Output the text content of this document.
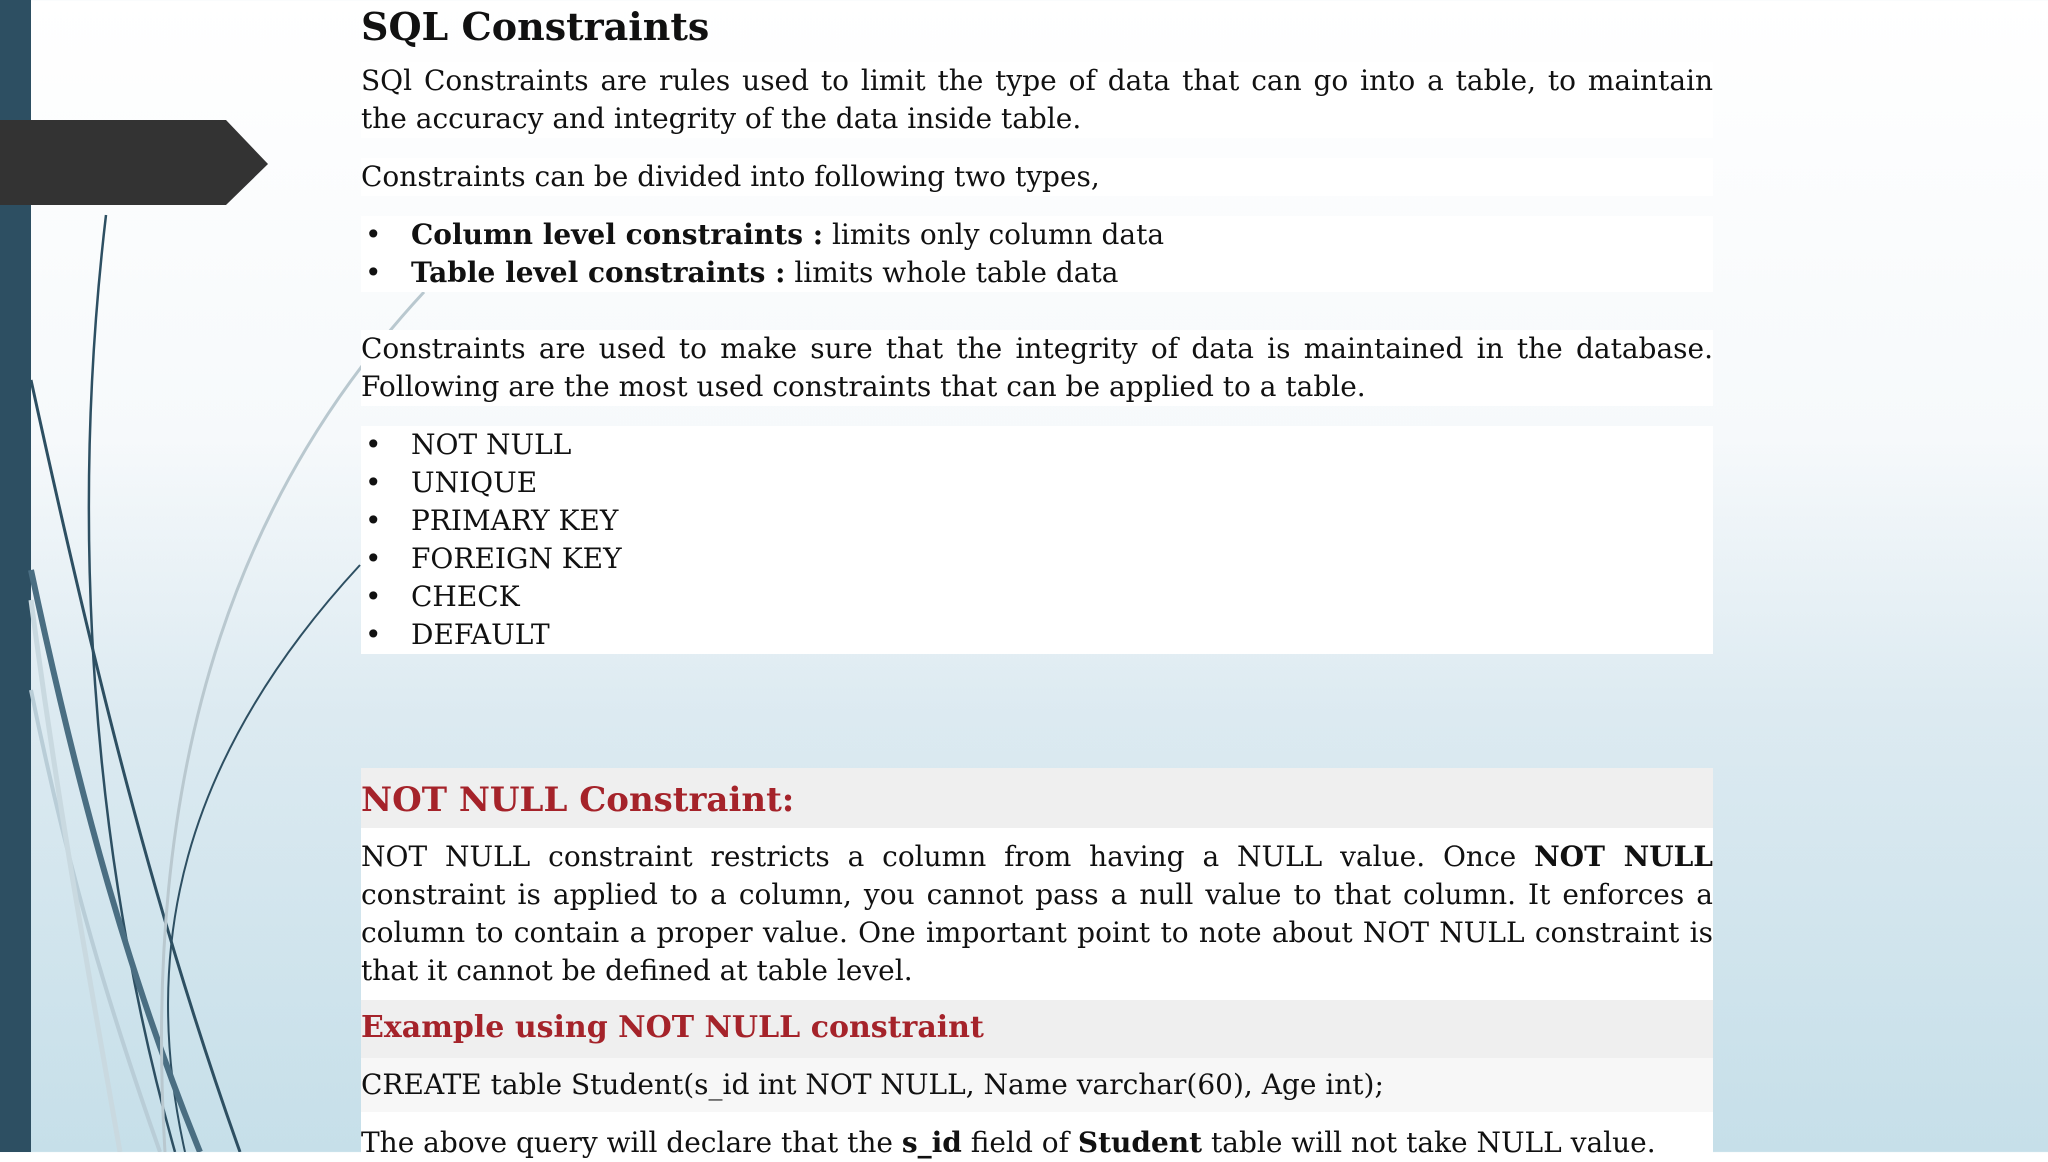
SQL Constraints

SQl Constraints are rules used to limit the type of data that can go into a table, to maintain the accuracy and integrity of the data inside table.

Constraints can be divided into following two types,

• Column level constraints : limits only column data
• Table level constraints : limits whole table data

Constraints are used to make sure that the integrity of data is maintained in the database. Following are the most used constraints that can be applied to a table.

• NOT NULL
• UNIQUE
• PRIMARY KEY
• FOREIGN KEY
• CHECK
• DEFAULT
NOT NULL Constraint:

NOT NULL constraint restricts a column from having a NULL value. Once NOT NULL constraint is applied to a column, you cannot pass a null value to that column. It enforces a column to contain a proper value. One important point to note about NOT NULL constraint is that it cannot be defined at table level.

Example using NOT NULL constraint

CREATE table Student(s_id int NOT NULL, Name varchar(60), Age int);

The above query will declare that the s_id field of Student table will not take NULL value.
